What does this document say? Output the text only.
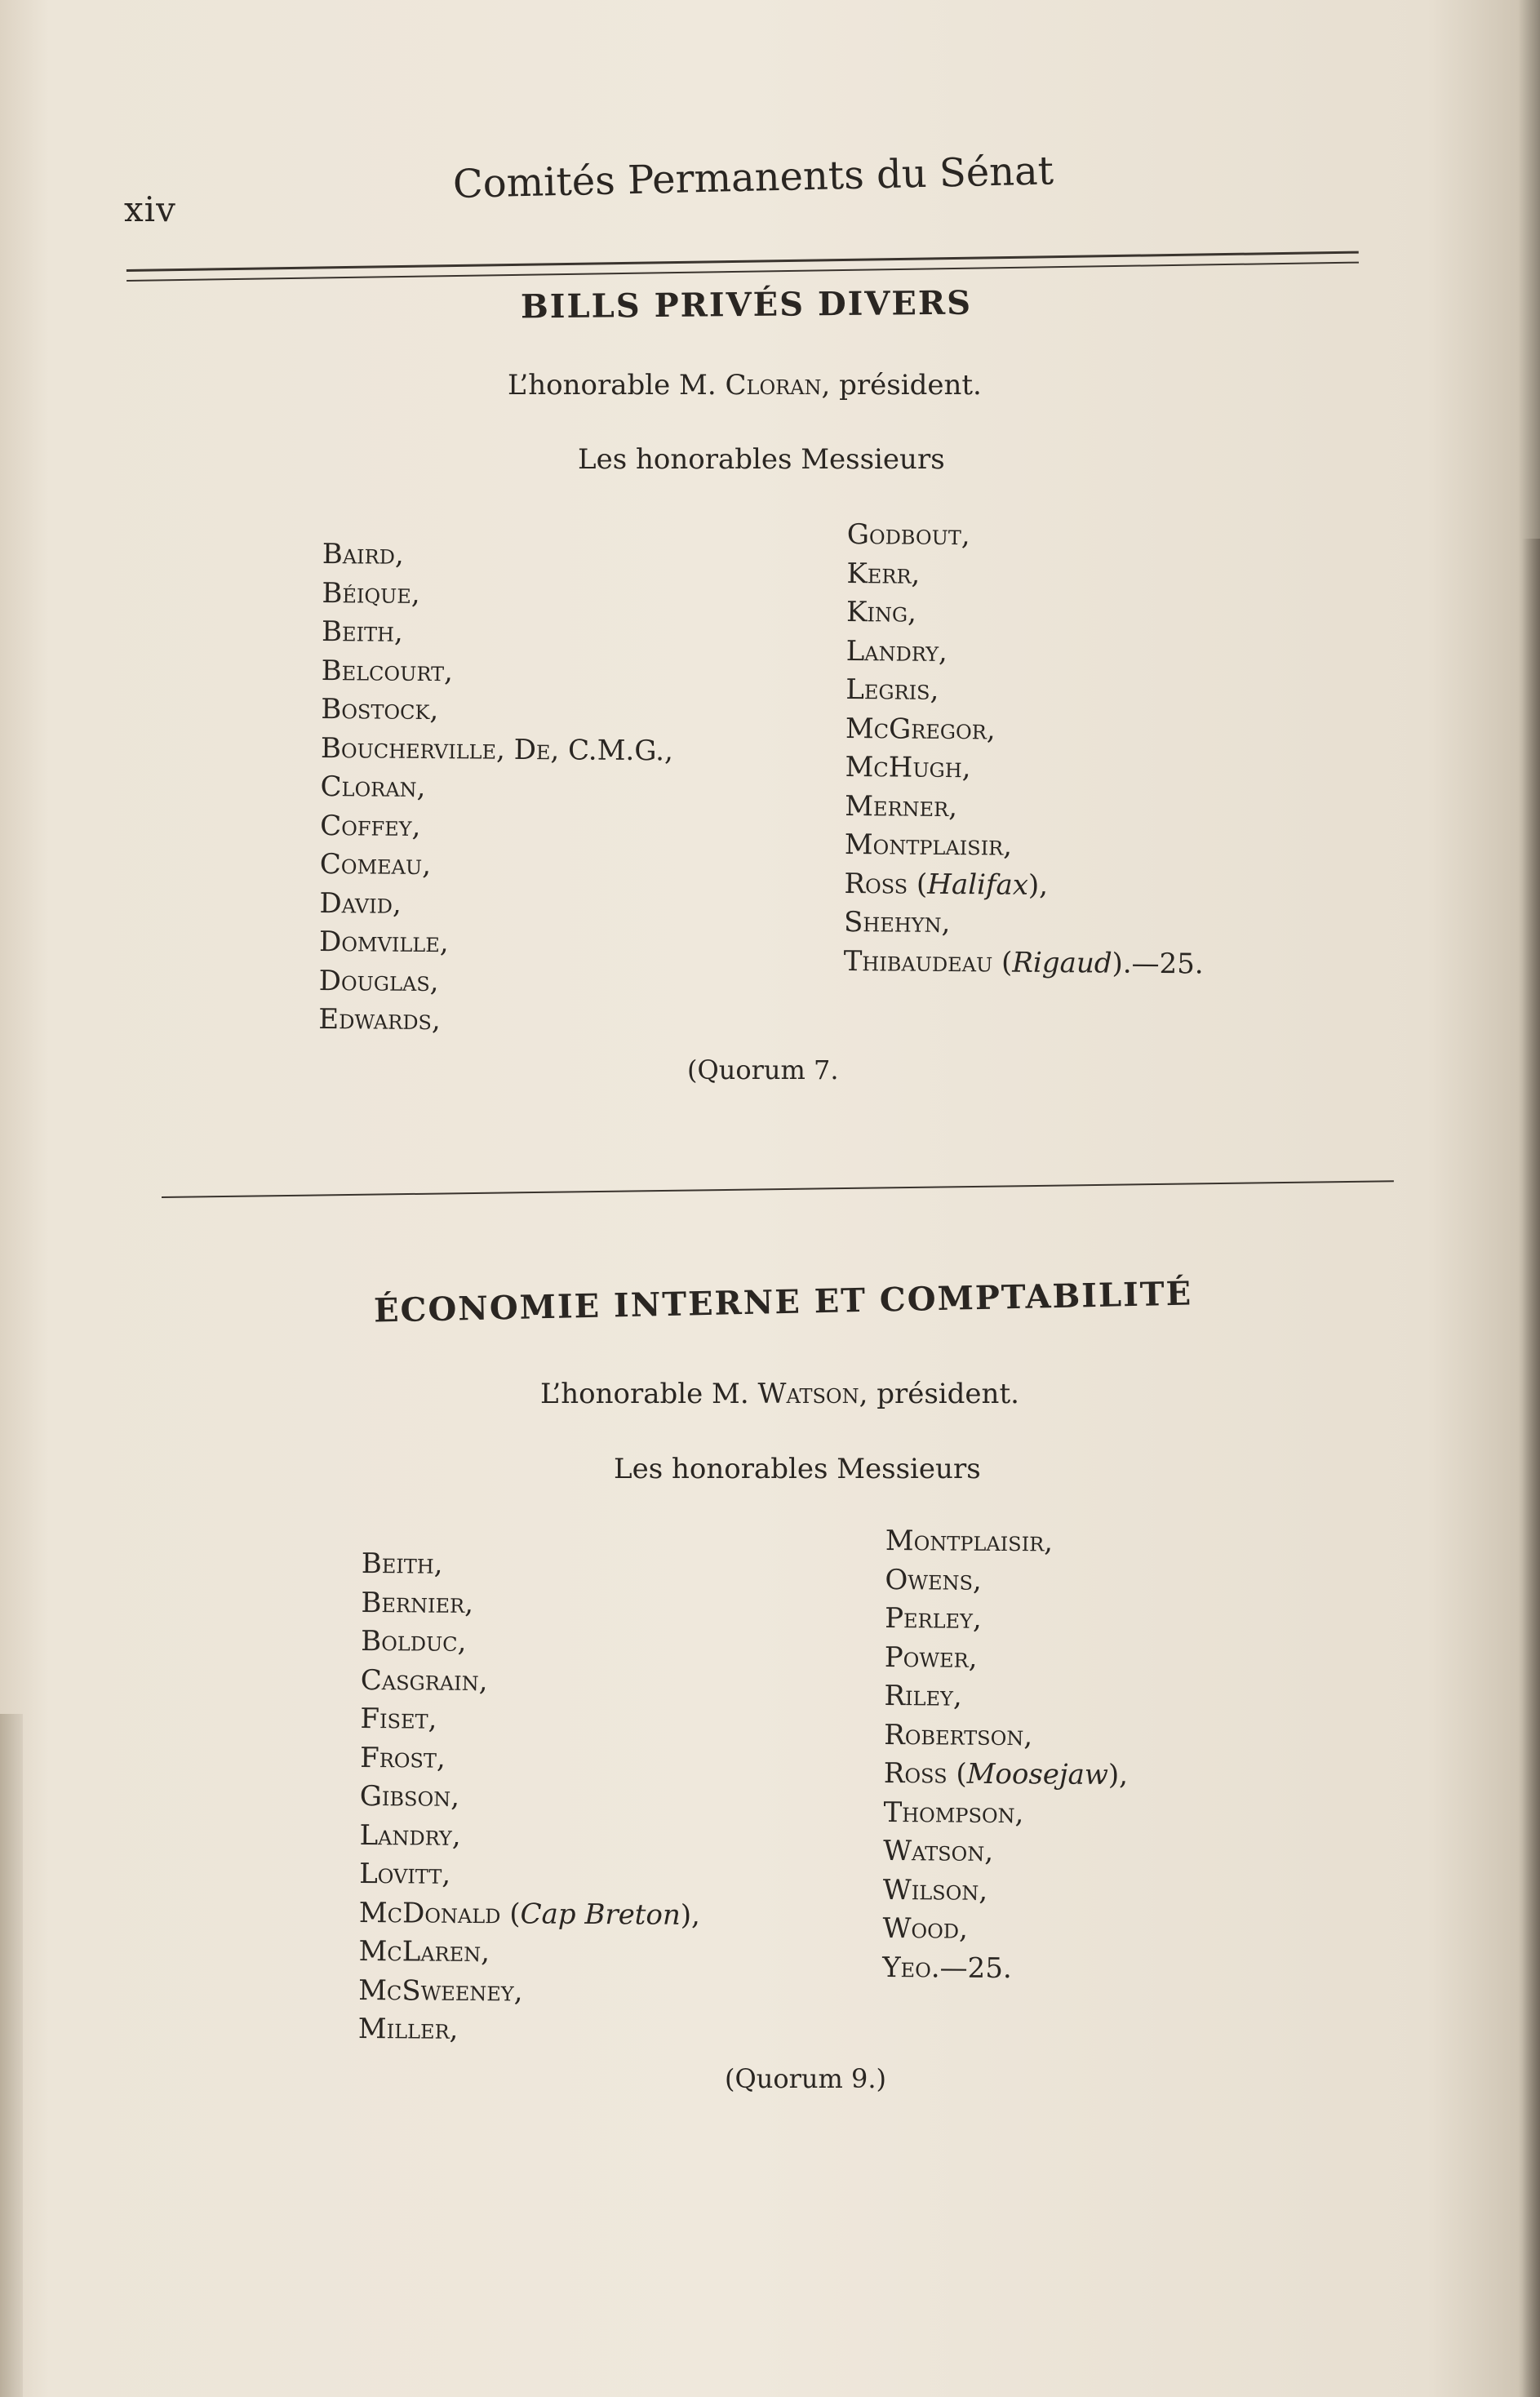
xiv
Comités Permanents du Sénat
BILLS PRIVÉS DIVERS
L’honorable M. Cloran, président.
Les honorables Messieurs
Baird,
Béique,
Beith,
Belcourt,
Bostock,
Boucherville, De, C.M.G.,
Cloran,
Coffey,
Comeau,
David,
Domville,
Douglas,
Edwards,
Godbout,
Kerr,
King,
Landry,
Legris,
McGregor,
McHugh,
Merner,
Montplaisir,
Ross (Halifax),
Shehyn,
Thibaudeau (Rigaud).—25.
(Quorum 7.
ÉCONOMIE INTERNE ET COMPTABILITÉ
L’honorable M. Watson, président.
Les honorables Messieurs
Beith,
Bernier,
Bolduc,
Casgrain,
Fiset,
Frost,
Gibson,
Landry,
Lovitt,
McDonald (Cap Breton),
McLaren,
McSweeney,
Miller,
Montplaisir,
Owens,
Perley,
Power,
Riley,
Robertson,
Ross (Moosejaw),
Thompson,
Watson,
Wilson,
Wood,
Yeo.—25.
(Quorum 9.)
